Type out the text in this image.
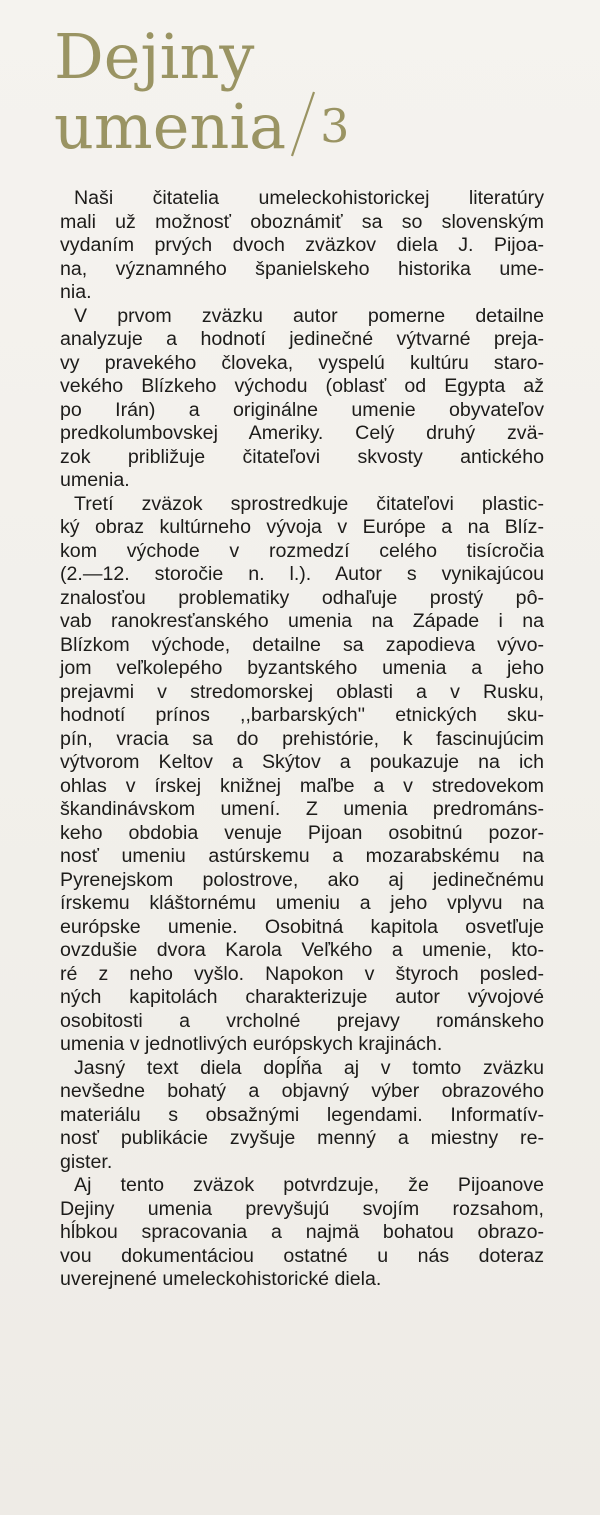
Dejiny
umenia 3
Naši čitatelia umeleckohistorickej literatúry
mali už možnosť oboznámiť sa so slovenským
vydaním prvých dvoch zväzkov diela J. Pijoa-
na, významného španielskeho historika ume-
nia.
V prvom zväzku autor pomerne detailne
analyzuje a hodnotí jedinečné výtvarné preja-
vy pravekého človeka, vyspelú kultúru staro-
vekého Blízkeho východu (oblasť od Egypta až
po Irán) a originálne umenie obyvateľov
predkolumbovskej Ameriky. Celý druhý zvä-
zok približuje čitateľovi skvosty antického
umenia.
Tretí zväzok sprostredkuje čitateľovi plastic-
ký obraz kultúrneho vývoja v Európe a na Blíz-
kom východe v rozmedzí celého tisícročia
(2.—12. storočie n. l.). Autor s vynikajúcou
znalosťou problematiky odhaľuje prostý pô-
vab ranokresťanského umenia na Západe i na
Blízkom východe, detailne sa zapodieva vývo-
jom veľkolepého byzantského umenia a jeho
prejavmi v stredomorskej oblasti a v Rusku,
hodnotí prínos ,,barbarských'' etnických sku-
pín, vracia sa do prehistórie, k fascinujúcim
výtvorom Keltov a Skýtov a poukazuje na ich
ohlas v írskej knižnej maľbe a v stredovekom
škandinávskom umení. Z umenia predrománs-
keho obdobia venuje Pijoan osobitnú pozor-
nosť umeniu astúrskemu a mozarabskému na
Pyrenejskom polostrove, ako aj jedinečnému
írskemu kláštornému umeniu a jeho vplyvu na
európske umenie. Osobitná kapitola osvetľuje
ovzdušie dvora Karola Veľkého a umenie, kto-
ré z neho vyšlo. Napokon v štyroch posled-
ných kapitolách charakterizuje autor vývojové
osobitosti a vrcholné prejavy románskeho
umenia v jednotlivých európskych krajinách.
Jasný text diela dopĺňa aj v tomto zväzku
nevšedne bohatý a objavný výber obrazového
materiálu s obsažnými legendami. Informatív-
nosť publikácie zvyšuje menný a miestny re-
gister.
Aj tento zväzok potvrdzuje, že Pijoanove
Dejiny umenia prevyšujú svojím rozsahom,
hĺbkou spracovania a najmä bohatou obrazo-
vou dokumentáciou ostatné u nás doteraz
uverejnené umeleckohistorické diela.
